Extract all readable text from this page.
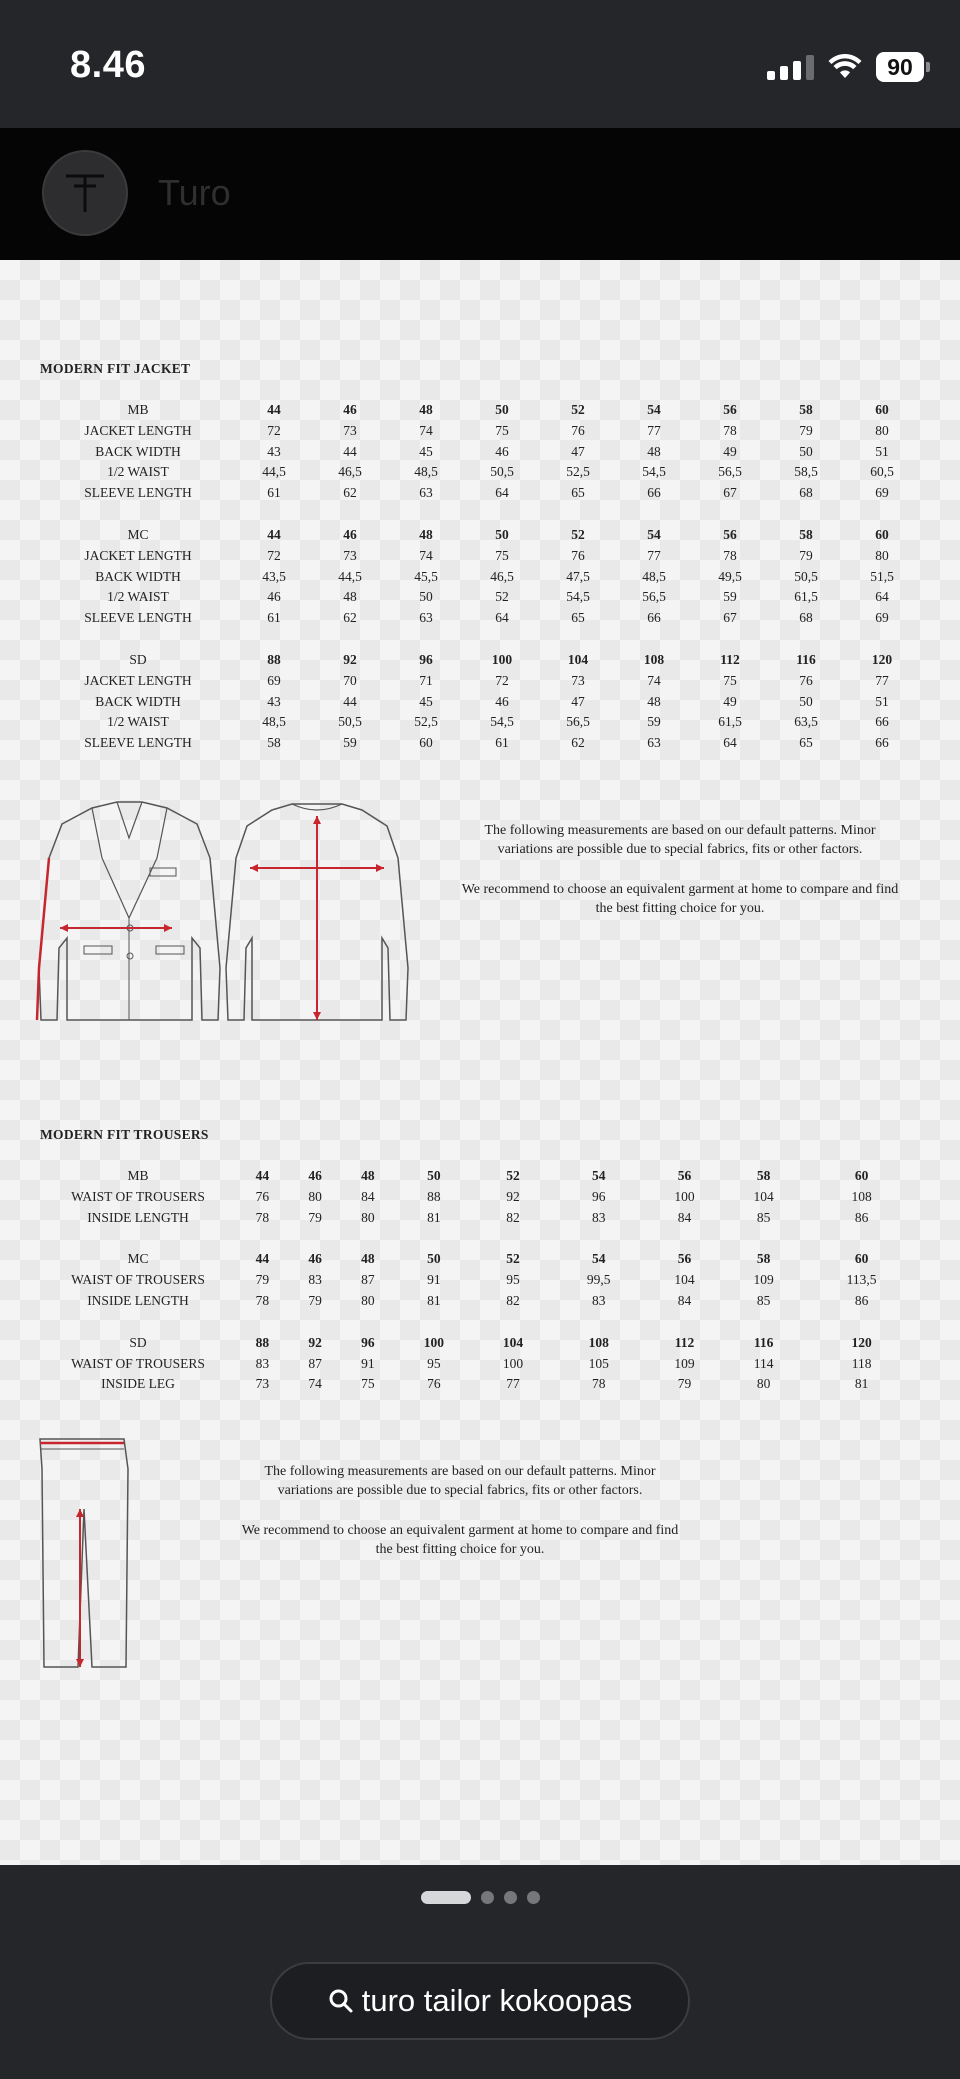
8.46	90
Turo
MODERN FIT JACKET
MB	44	46	48	50	52	54	56	58	60
JACKET LENGTH	72	73	74	75	76	77	78	79	80
BACK WIDTH	43	44	45	46	47	48	49	50	51
1/2 WAIST	44,5	46,5	48,5	50,5	52,5	54,5	56,5	58,5	60,5
SLEEVE LENGTH	61	62	63	64	65	66	67	68	69

MC	44	46	48	50	52	54	56	58	60
JACKET LENGTH	72	73	74	75	76	77	78	79	80
BACK WIDTH	43,5	44,5	45,5	46,5	47,5	48,5	49,5	50,5	51,5
1/2 WAIST	46	48	50	52	54,5	56,5	59	61,5	64
SLEEVE LENGTH	61	62	63	64	65	66	67	68	69

SD	88	92	96	100	104	108	112	116	120
JACKET LENGTH	69	70	71	72	73	74	75	76	77
BACK WIDTH	43	44	45	46	47	48	49	50	51
1/2 WAIST	48,5	50,5	52,5	54,5	56,5	59	61,5	63,5	66
SLEEVE LENGTH	58	59	60	61	62	63	64	65	66

The following measurements are based on our default patterns. Minor variations are possible due to special fabrics, fits or other factors.

We recommend to choose an equivalent garment at home to compare and find the best fitting choice for you.

MODERN FIT TROUSERS
MB	44	46	48	50	52	54	56	58	60
WAIST OF TROUSERS	76	80	84	88	92	96	100	104	108
INSIDE LENGTH	78	79	80	81	82	83	84	85	86

MC	44	46	48	50	52	54	56	58	60
WAIST OF TROUSERS	79	83	87	91	95	99,5	104	109	113,5
INSIDE LENGTH	78	79	80	81	82	83	84	85	86

SD	88	92	96	100	104	108	112	116	120
WAIST OF TROUSERS	83	87	91	95	100	105	109	114	118
INSIDE LEG	73	74	75	76	77	78	79	80	81

The following measurements are based on our default patterns. Minor variations are possible due to special fabrics, fits or other factors.

We recommend to choose an equivalent garment at home to compare and find the best fitting choice for you.

turo tailor kokoopas
